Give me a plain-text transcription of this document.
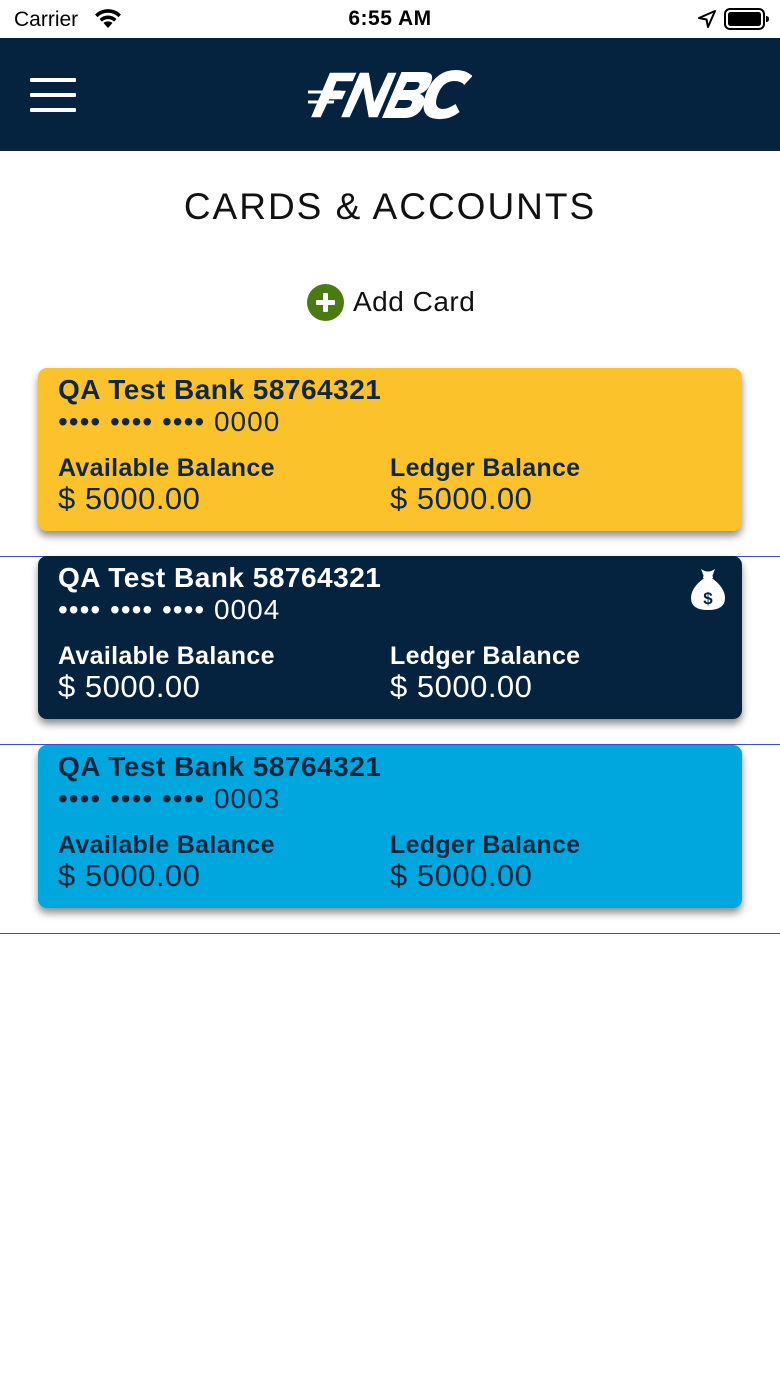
Carrier	6:55 AM
CARDS & ACCOUNTS
Add Card
QA Test Bank 58764321
•••• •••• •••• 0000
Available Balance
$ 5000.00
Ledger Balance
$ 5000.00
QA Test Bank 58764321
•••• •••• •••• 0004
Available Balance
$ 5000.00
Ledger Balance
$ 5000.00
$
QA Test Bank 58764321
•••• •••• •••• 0003
Available Balance
$ 5000.00
Ledger Balance
$ 5000.00
